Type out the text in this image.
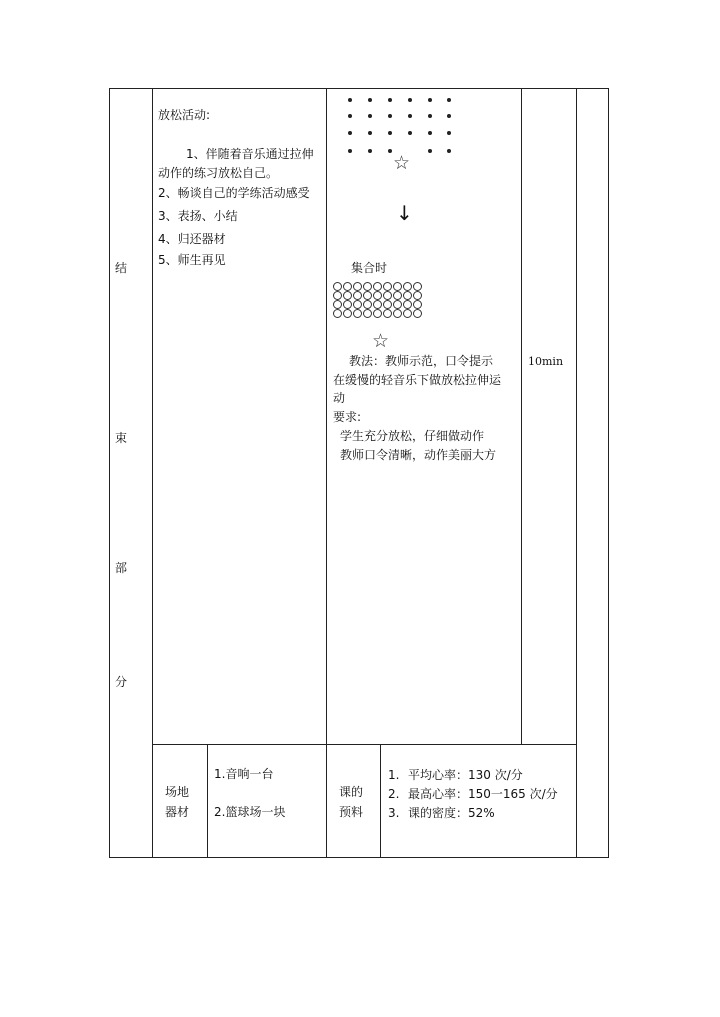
结
束
部
分
放松活动:
1、伴随着音乐通过拉伸
动作的练习放松自己。
2、畅谈自己的学练活动感受
3、表扬、小结
4、归还器材
5、师生再见
☆
↓
集合时
☆
教法：教师示范，口令提示
在缓慢的轻音乐下做放松拉伸运
动
要求:
学生充分放松，仔细做动作
教师口令清晰，动作美丽大方
10min
场地
器材
1.音响一台
2.篮球场一块
课的
预料
1. 平均心率：130 次/分
2. 最高心率：150一165 次/分
3. 课的密度：52%
